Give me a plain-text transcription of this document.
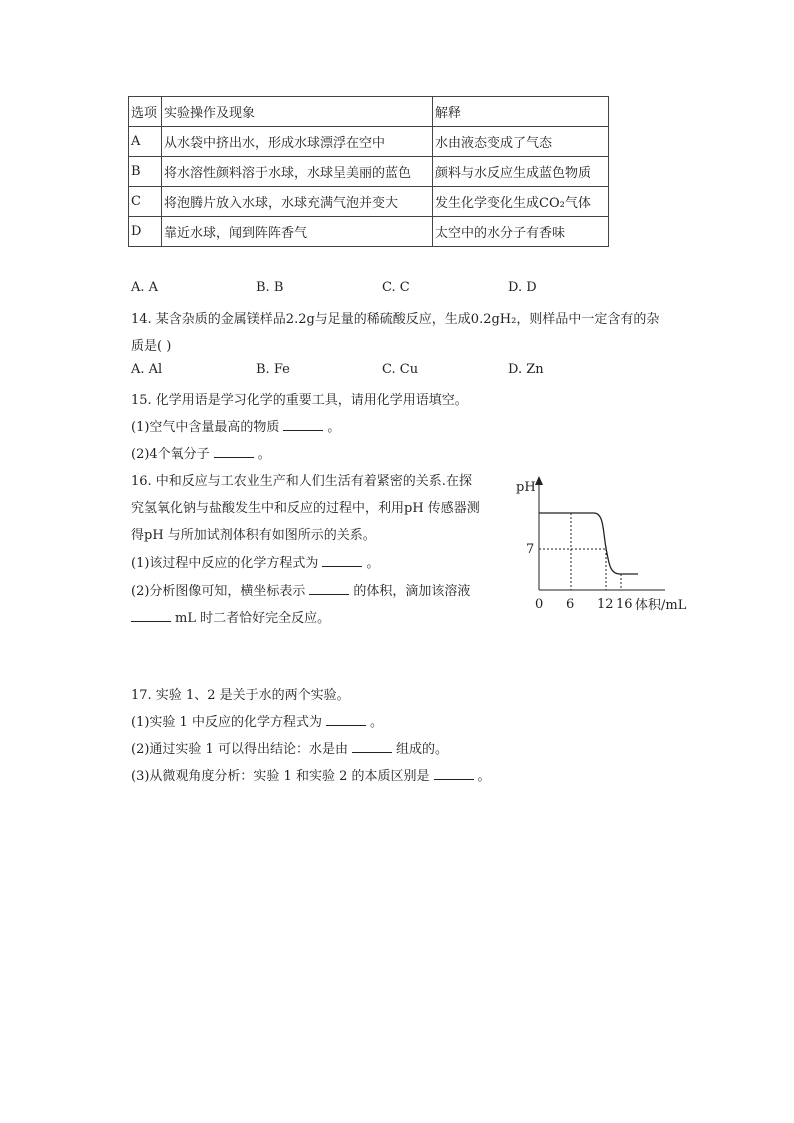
选项	实验操作及现象	解释
A	从水袋中挤出水，形成水球漂浮在空中	水由液态变成了气态
B	将水溶性颜料溶于水球，水球呈美丽的蓝色	颜料与水反应生成蓝色物质
C	将泡腾片放入水球，水球充满气泡并变大	发生化学变化生成CO₂气体
D	靠近水球，闻到阵阵香气	太空中的水分子有香味
A. A	B. B	C. C	D. D
14. 某含杂质的金属镁样品2.2g与足量的稀硫酸反应，生成0.2gH₂，则样品中一定含有的杂
质是( )
A. Al	B. Fe	C. Cu	D. Zn
15. 化学用语是学习化学的重要工具，请用化学用语填空。
(1)空气中含量最高的物质	。
(2)4个氧分子	。
16. 中和反应与工农业生产和人们生活有着紧密的关系.在探
究氢氧化钠与盐酸发生中和反应的过程中，利用pH 传感器测
得pH 与所加试剂体积有如图所示的关系。
(1)该过程中反应的化学方程式为	。
(2)分析图像可知，横坐标表示	的体积，滴加该溶液
mL 时二者恰好完全反应。
pH
7
0 6 12 16 体积/mL
17. 实验 1、2 是关于水的两个实验。
(1)实验 1 中反应的化学方程式为	。
(2)通过实验 1 可以得出结论：水是由	组成的。
(3)从微观角度分析：实验 1 和实验 2 的本质区别是	。
